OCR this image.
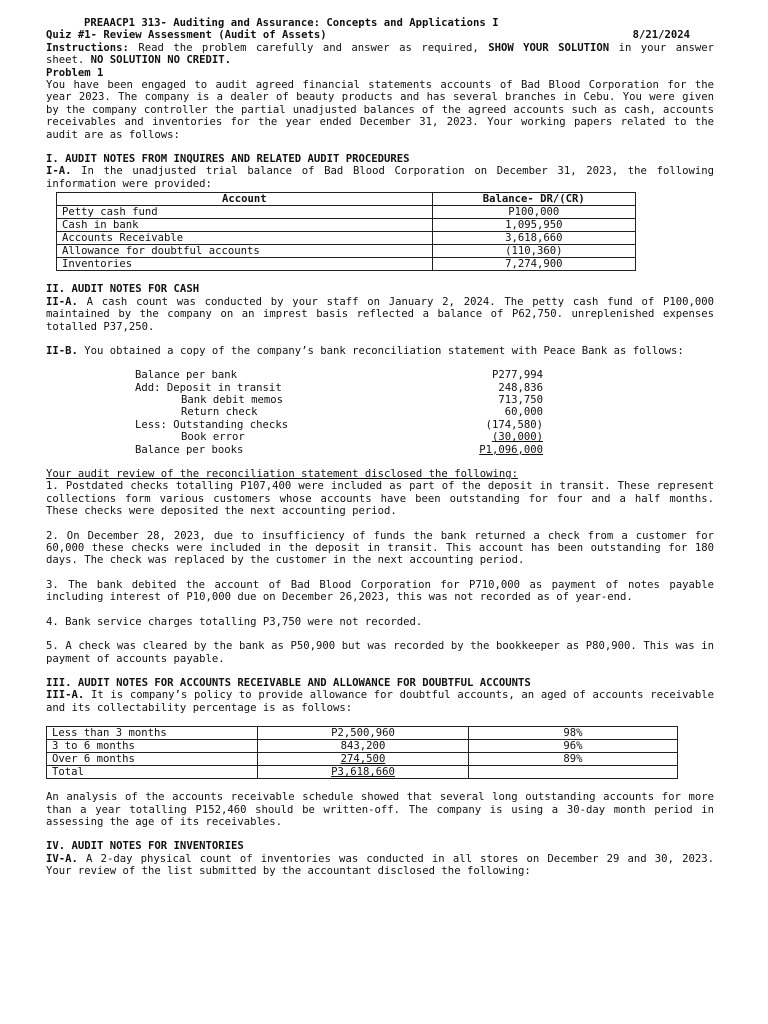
PREAACP1 313- Auditing and Assurance: Concepts and Applications I
Quiz #1- Review Assessment (Audit of Assets)	8/21/2024
Instructions: Read the problem carefully and answer as required, SHOW YOUR SOLUTION in your answer sheet. NO SOLUTION NO CREDIT.
Problem 1
You have been engaged to audit agreed financial statements accounts of Bad Blood Corporation for the year 2023. The company is a dealer of beauty products and has several branches in Cebu. You were given by the company controller the partial unadjusted balances of the agreed accounts such as cash, accounts receivables and inventories for the year ended December 31, 2023. Your working papers related to the audit are as follows:
I. AUDIT NOTES FROM INQUIRES AND RELATED AUDIT PROCEDURES
I-A. In the unadjusted trial balance of Bad Blood Corporation on December 31, 2023, the following information were provided:
Account	Balance- DR/(CR)
Petty cash fund	P100,000
Cash in bank	1,095,950
Accounts Receivable	3,618,660
Allowance for doubtful accounts	(110,360)
Inventories	7,274,900
II. AUDIT NOTES FOR CASH
II-A. A cash count was conducted by your staff on January 2, 2024. The petty cash fund of P100,000 maintained by the company on an imprest basis reflected a balance of P62,750. unreplenished expenses totalled P37,250.
II-B. You obtained a copy of the company’s bank reconciliation statement with Peace Bank as follows:
Balance per bank	P277,994
Add: Deposit in transit	248,836
Bank debit memos	713,750
Return check	60,000
Less: Outstanding checks	(174,580)
Book error	(30,000)
Balance per books	P1,096,000
Your audit review of the reconciliation statement disclosed the following:
1. Postdated checks totalling P107,400 were included as part of the deposit in transit. These represent collections form various customers whose accounts have been outstanding for four and a half months. These checks were deposited the next accounting period.
2. On December 28, 2023, due to insufficiency of funds the bank returned a check from a customer for 60,000 these checks were included in the deposit in transit. This account has been outstanding for 180 days. The check was replaced by the customer in the next accounting period.
3. The bank debited the account of Bad Blood Corporation for P710,000 as payment of notes payable including interest of P10,000 due on December 26,2023, this was not recorded as of year-end.
4. Bank service charges totalling P3,750 were not recorded.
5. A check was cleared by the bank as P50,900 but was recorded by the bookkeeper as P80,900. This was in payment of accounts payable.
III. AUDIT NOTES FOR ACCOUNTS RECEIVABLE AND ALLOWANCE FOR DOUBTFUL ACCOUNTS
III-A. It is company’s policy to provide allowance for doubtful accounts, an aged of accounts receivable and its collectability percentage is as follows:
Less than 3 months	P2,500,960	98%
3 to 6 months	843,200	96%
Over 6 months	274,500	89%
Total	P3,618,660	
An analysis of the accounts receivable schedule showed that several long outstanding accounts for more than a year totalling P152,460 should be written-off. The company is using a 30-day month period in assessing the age of its receivables.
IV. AUDIT NOTES FOR INVENTORIES
IV-A. A 2-day physical count of inventories was conducted in all stores on December 29 and 30, 2023. Your review of the list submitted by the accountant disclosed the following:
